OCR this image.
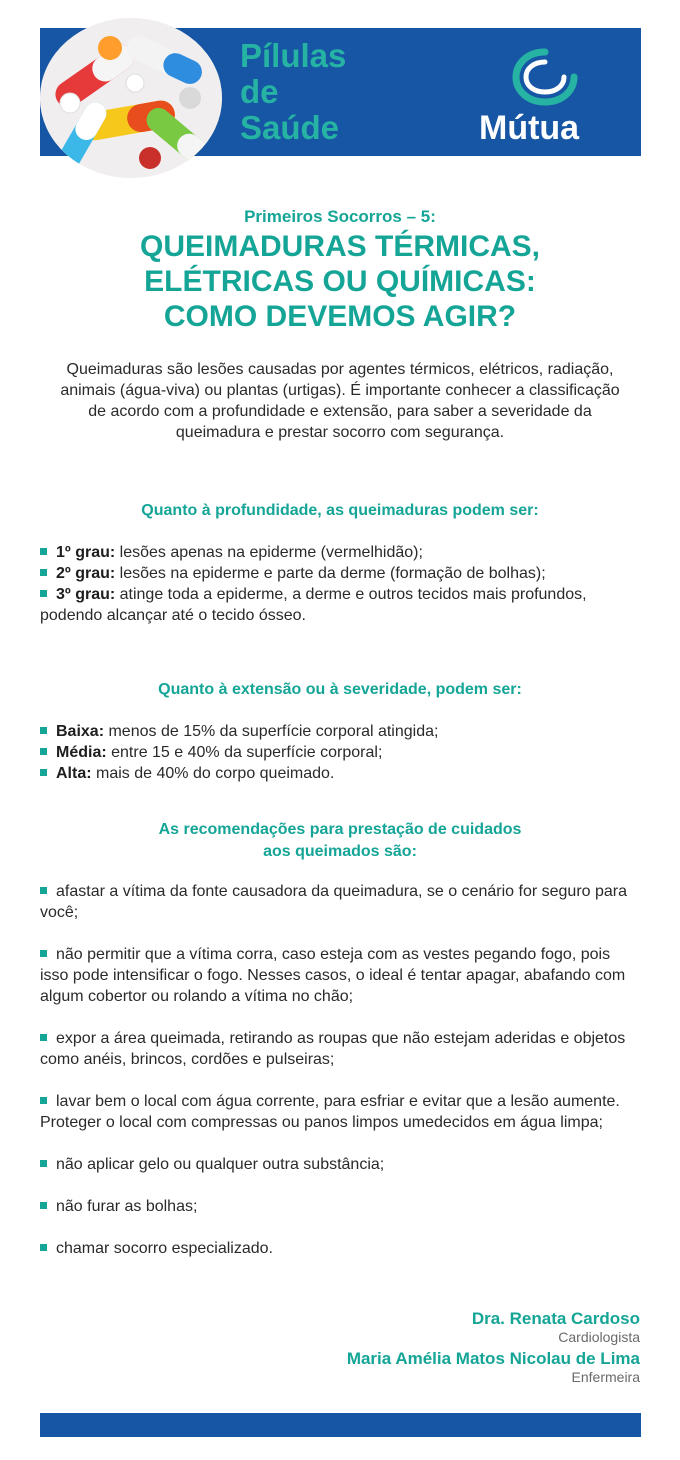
Pílulas
de
Saúde	Mútua
Primeiros Socorros – 5:
QUEIMADURAS TÉRMICAS,
ELÉTRICAS OU QUÍMICAS:
COMO DEVEMOS AGIR?

Queimaduras são lesões causadas por agentes térmicos, elétricos, radiação, animais (água-viva) ou plantas (urtigas). É importante conhecer a classificação de acordo com a profundidade e extensão, para saber a severidade da queimadura e prestar socorro com segurança.

Quanto à profundidade, as queimaduras podem ser:

1º grau: lesões apenas na epiderme (vermelhidão);

2º grau: lesões na epiderme e parte da derme (formação de bolhas);

3º grau: atinge toda a epiderme, a derme e outros tecidos mais profundos, podendo alcançar até o tecido ósseo.

Quanto à extensão ou à severidade, podem ser:

Baixa: menos de 15% da superfície corporal atingida;

Média: entre 15 e 40% da superfície corporal;

Alta: mais de 40% do corpo queimado.

As recomendações para prestação de cuidados
aos queimados são:

afastar a vítima da fonte causadora da queimadura, se o cenário for seguro para você;

não permitir que a vítima corra, caso esteja com as vestes pegando fogo, pois isso pode intensificar o fogo. Nesses casos, o ideal é tentar apagar, abafando com algum cobertor ou rolando a vítima no chão;

expor a área queimada, retirando as roupas que não estejam aderidas e objetos como anéis, brincos, cordões e pulseiras;

lavar bem o local com água corrente, para esfriar e evitar que a lesão aumente. Proteger o local com compressas ou panos limpos umedecidos em água limpa;

não aplicar gelo ou qualquer outra substância;

não furar as bolhas;

chamar socorro especializado.

Dra. Renata Cardoso
Cardiologista
Maria Amélia Matos Nicolau de Lima
Enfermeira
